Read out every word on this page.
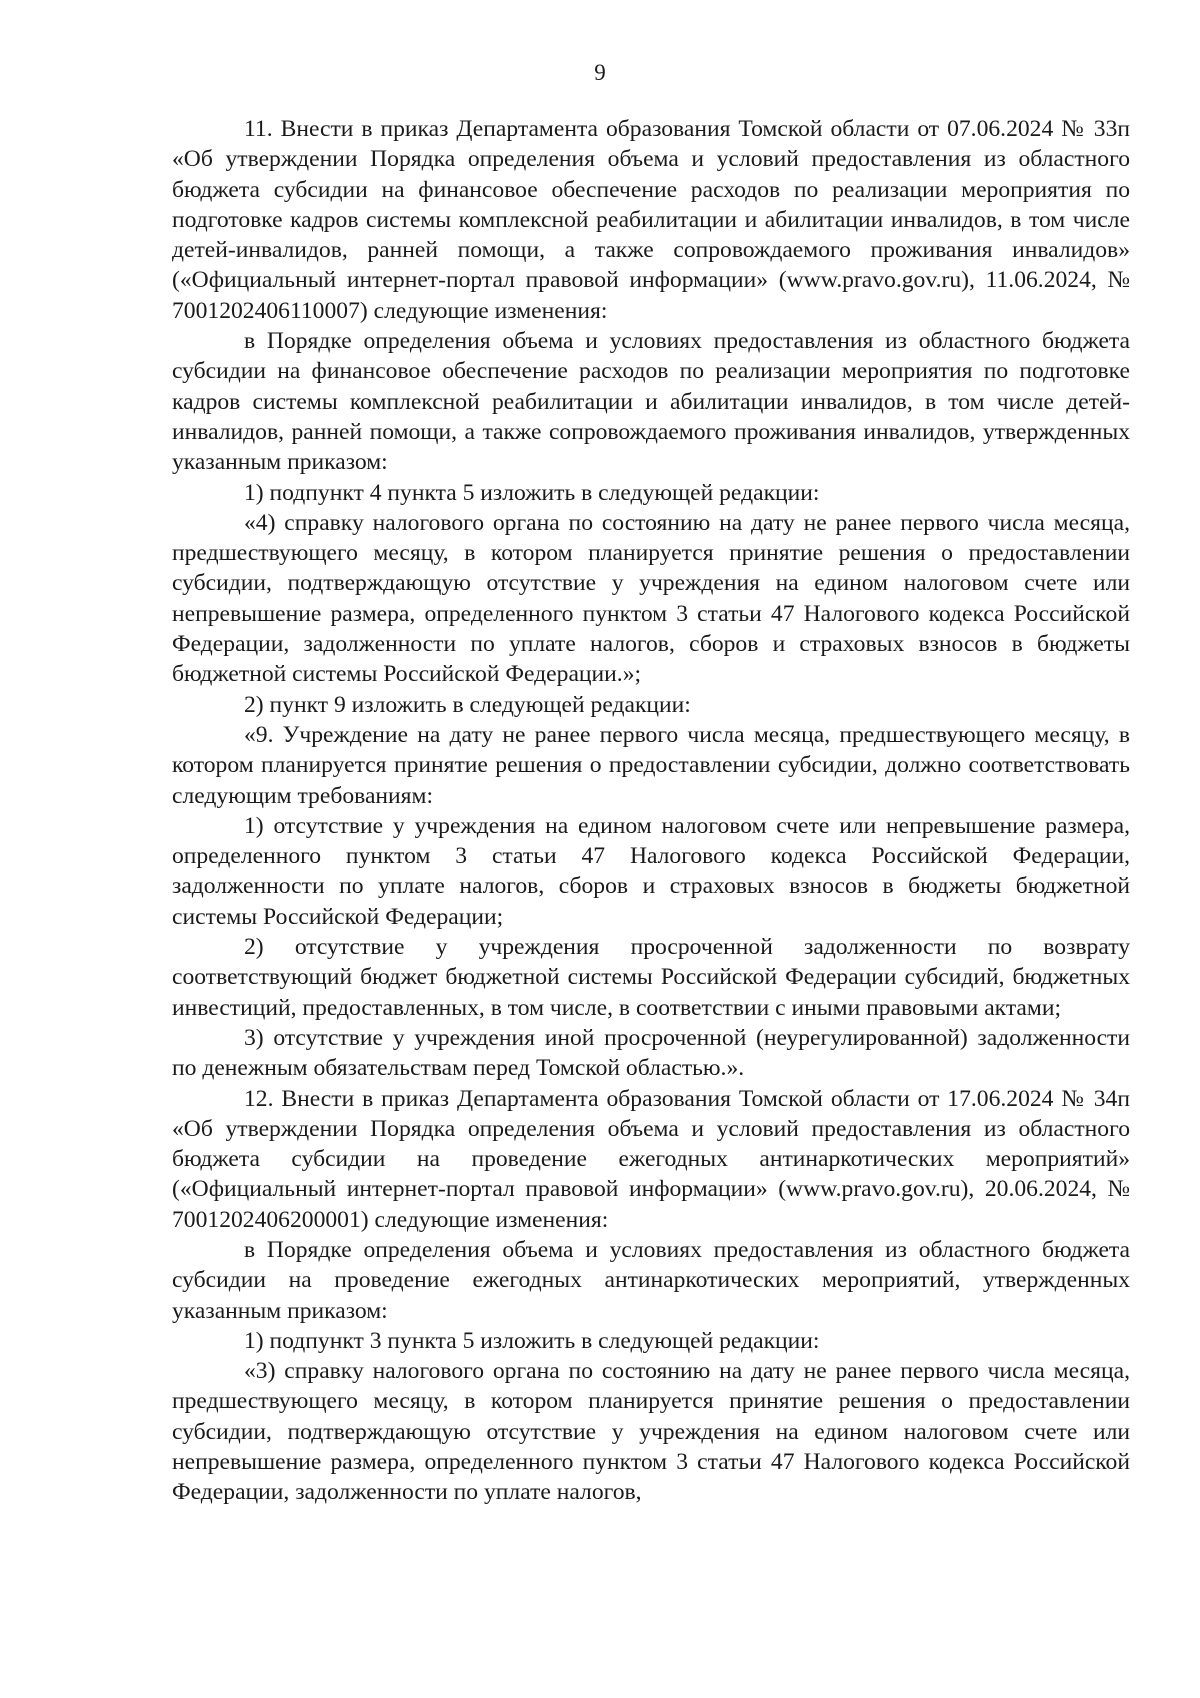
9

11. Внести в приказ Департамента образования Томской области от 07.06.2024 № 33п «Об утверждении Порядка определения объема и условий предоставления из областного бюджета субсидии на финансовое обеспечение расходов по реализации мероприятия по подготовке кадров системы комплексной реабилитации и абилитации инвалидов, в том числе детей-инвалидов, ранней помощи, а также сопровождаемого проживания инвалидов» («Официальный интернет-портал правовой информации» (www.pravo.gov.ru), 11.06.2024, № 7001202406110007) следующие изменения:

в Порядке определения объема и условиях предоставления из областного бюджета субсидии на финансовое обеспечение расходов по реализации мероприятия по подготовке кадров системы комплексной реабилитации и абилитации инвалидов, в том числе детей-инвалидов, ранней помощи, а также сопровождаемого проживания инвалидов, утвержденных указанным приказом:

1) подпункт 4 пункта 5 изложить в следующей редакции:

«4) справку налогового органа по состоянию на дату не ранее первого числа месяца, предшествующего месяцу, в котором планируется принятие решения о предоставлении субсидии, подтверждающую отсутствие у учреждения на едином налоговом счете или непревышение размера, определенного пунктом 3 статьи 47 Налогового кодекса Российской Федерации, задолженности по уплате налогов, сборов и страховых взносов в бюджеты бюджетной системы Российской Федерации.»;

2) пункт 9 изложить в следующей редакции:

«9. Учреждение на дату не ранее первого числа месяца, предшествующего месяцу, в котором планируется принятие решения о предоставлении субсидии, должно соответствовать следующим требованиям:

1) отсутствие у учреждения на едином налоговом счете или непревышение размера, определенного пунктом 3 статьи 47 Налогового кодекса Российской Федерации, задолженности по уплате налогов, сборов и страховых взносов в бюджеты бюджетной системы Российской Федерации;

2) отсутствие у учреждения просроченной задолженности по возврату соответствующий бюджет бюджетной системы Российской Федерации субсидий, бюджетных инвестиций, предоставленных, в том числе, в соответствии с иными правовыми актами;

3) отсутствие у учреждения иной просроченной (неурегулированной) задолженности по денежным обязательствам перед Томской областью.».

12. Внести в приказ Департамента образования Томской области от 17.06.2024 № 34п «Об утверждении Порядка определения объема и условий предоставления из областного бюджета субсидии на проведение ежегодных антинаркотических мероприятий» («Официальный интернет-портал правовой информации» (www.pravo.gov.ru), 20.06.2024, № 7001202406200001) следующие изменения:

в Порядке определения объема и условиях предоставления из областного бюджета субсидии на проведение ежегодных антинаркотических мероприятий, утвержденных указанным приказом:

1) подпункт 3 пункта 5 изложить в следующей редакции:

«3) справку налогового органа по состоянию на дату не ранее первого числа месяца, предшествующего месяцу, в котором планируется принятие решения о предоставлении субсидии, подтверждающую отсутствие у учреждения на едином налоговом счете или непревышение размера, определенного пунктом 3 статьи 47 Налогового кодекса Российской Федерации, задолженности по уплате налогов,
